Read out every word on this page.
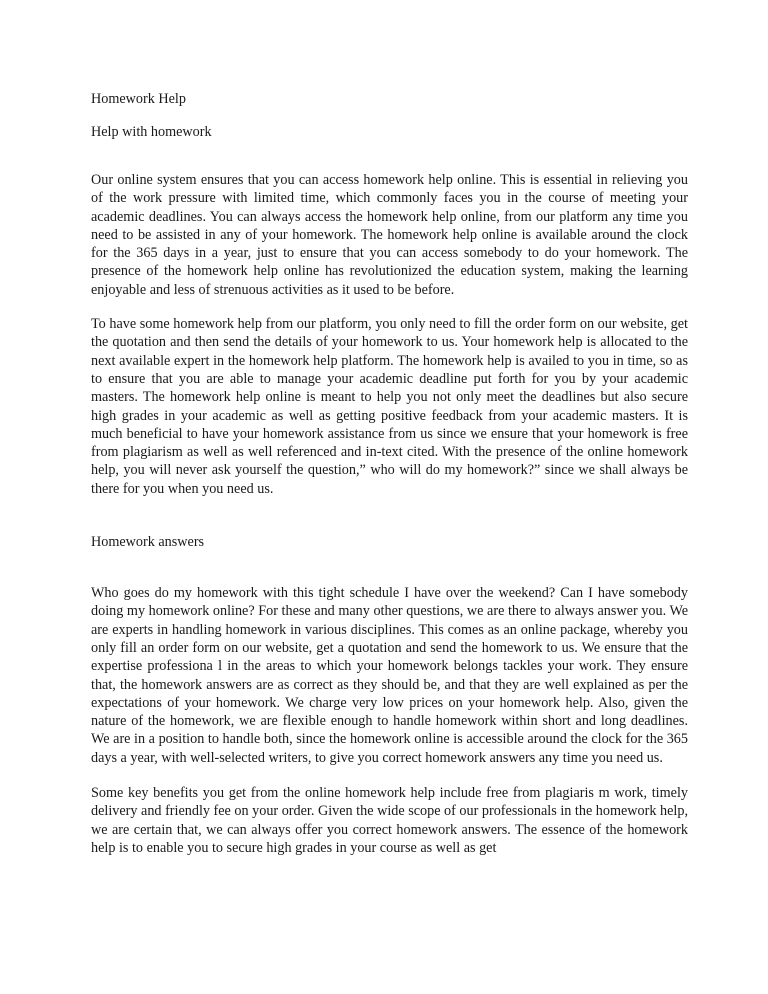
Homework Help

Help with homework

Our online system ensures that you can access homework help online. This is essential in relieving you of the work pressure with limited time, which commonly faces you in the course of meeting your academic deadlines. You can always access the homework help online, from our platform any time you need to be assisted in any of your homework. The homework help online is available around the clock for the 365 days in a year, just to ensure that you can access somebody to do your homework. The presence of the homework help online has revolutionized the education system, making the learning enjoyable and less of strenuous activities as it used to be before.

To have some homework help from our platform, you only need to fill the order form on our website, get the quotation and then send the details of your homework to us. Your homework help is allocated to the next available expert in the homework help platform. The homework help is availed to you in time, so as to ensure that you are able to manage your academic deadline put forth for you by your academic masters. The homework help online is meant to help you not only meet the deadlines but also secure high grades in your academic as well as getting positive feedback from your academic masters. It is much beneficial to have your homework assistance from us since we ensure that your homework is free from plagiarism as well as well referenced and in-text cited. With the presence of the online homework help, you will never ask yourself the question,” who will do my homework?” since we shall always be there for you when you need us.

Homework answers

Who goes do my homework with this tight schedule I have over the weekend? Can I have somebody doing my homework online? For these and many other questions, we are there to always answer you. We are experts in handling homework in various disciplines. This comes as an online package, whereby you only fill an order form on our website, get a quotation and send the homework to us. We ensure that the expertise professiona l in the areas to which your homework belongs tackles your work. They ensure that, the homework answers are as correct as they should be, and that they are well explained as per the expectations of your homework. We charge very low prices on your homework help. Also, given the nature of the homework, we are flexible enough to handle homework within short and long deadlines. We are in a position to handle both, since the homework online is accessible around the clock for the 365 days a year, with well-selected writers, to give you correct homework answers any time you need us.

Some key benefits you get from the online homework help include free from plagiaris m work, timely delivery and friendly fee on your order. Given the wide scope of our professionals in the homework help, we are certain that, we can always offer you correct homework answers. The essence of the homework help is to enable you to secure high grades in your course as well as get
